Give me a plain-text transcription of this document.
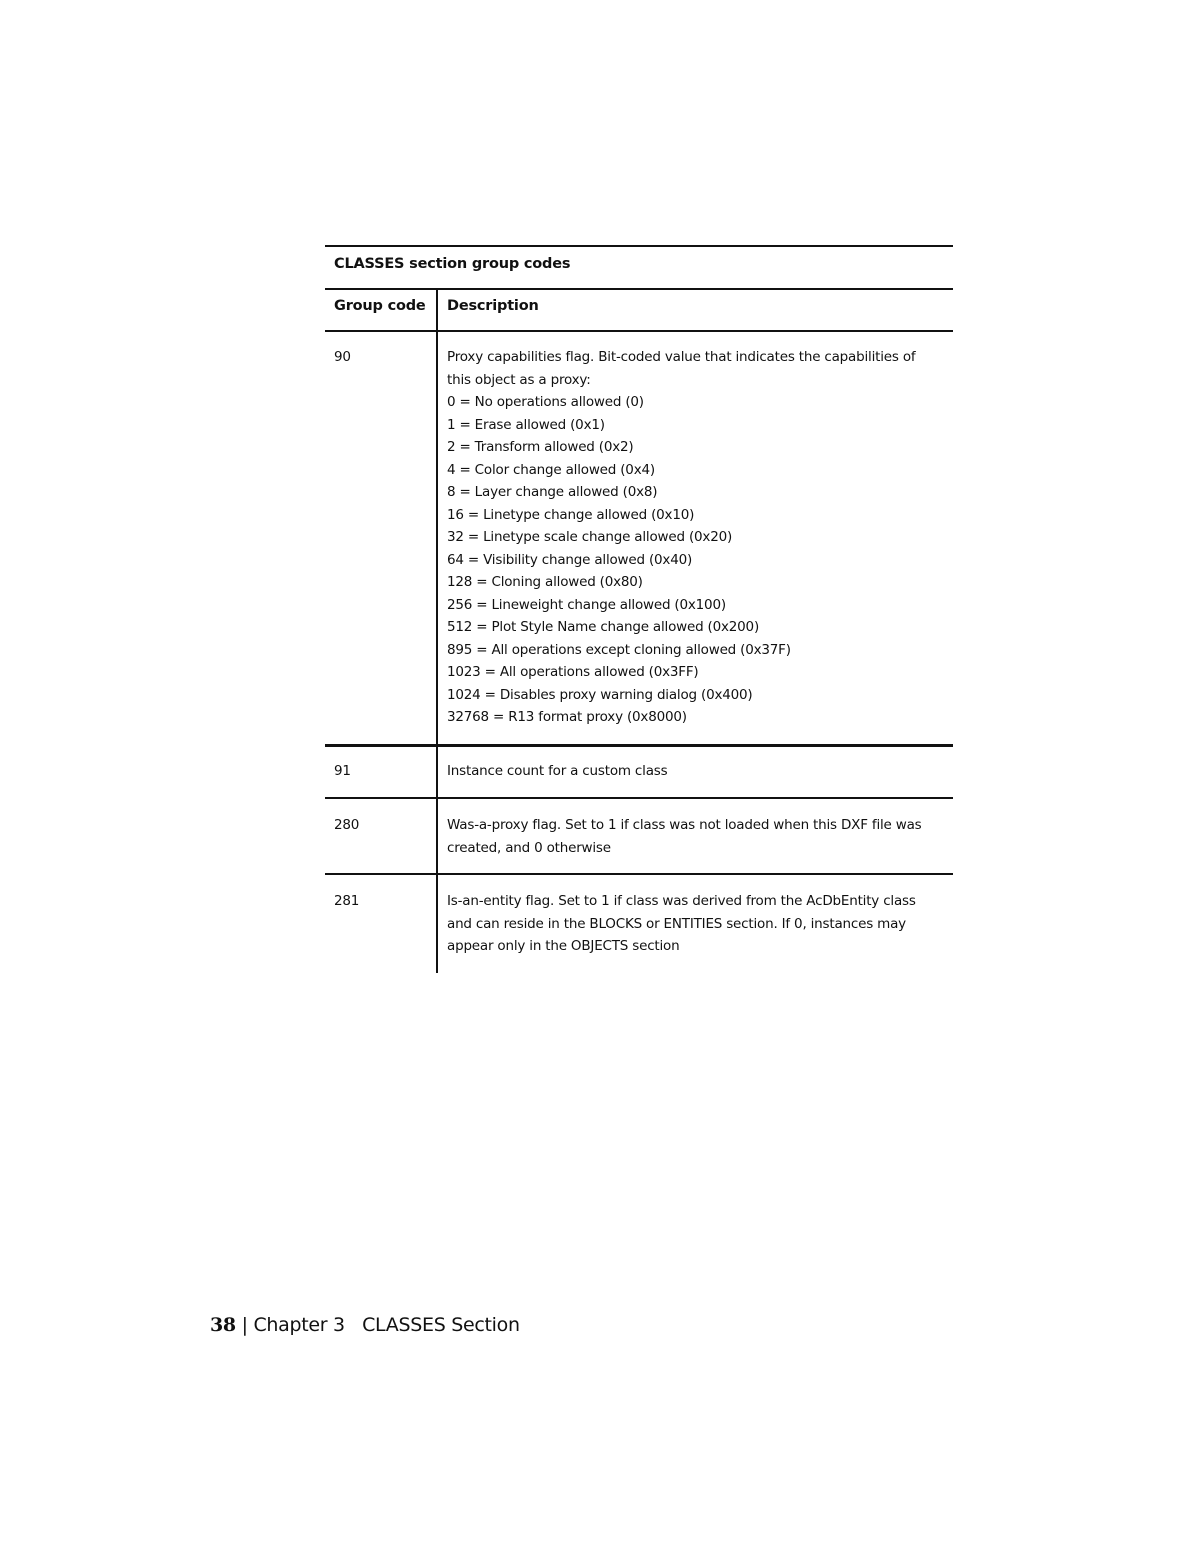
CLASSES section group codes
Group code Description
90	Proxy capabilities flag. Bit-coded value that indicates the capabilities of
this object as a proxy:
0 = No operations allowed (0)
1 = Erase allowed (0x1)
2 = Transform allowed (0x2)
4 = Color change allowed (0x4)
8 = Layer change allowed (0x8)
16 = Linetype change allowed (0x10)
32 = Linetype scale change allowed (0x20)
64 = Visibility change allowed (0x40)
128 = Cloning allowed (0x80)
256 = Lineweight change allowed (0x100)
512 = Plot Style Name change allowed (0x200)
895 = All operations except cloning allowed (0x37F)
1023 = All operations allowed (0x3FF)
1024 = Disables proxy warning dialog (0x400)
32768 = R13 format proxy (0x8000)
91	Instance count for a custom class
280	Was-a-proxy flag. Set to 1 if class was not loaded when this DXF file was
created, and 0 otherwise
281	Is-an-entity flag. Set to 1 if class was derived from the AcDbEntity class
and can reside in the BLOCKS or ENTITIES section. If 0, instances may
appear only in the OBJECTS section
38 | Chapter 3 CLASSES Section
